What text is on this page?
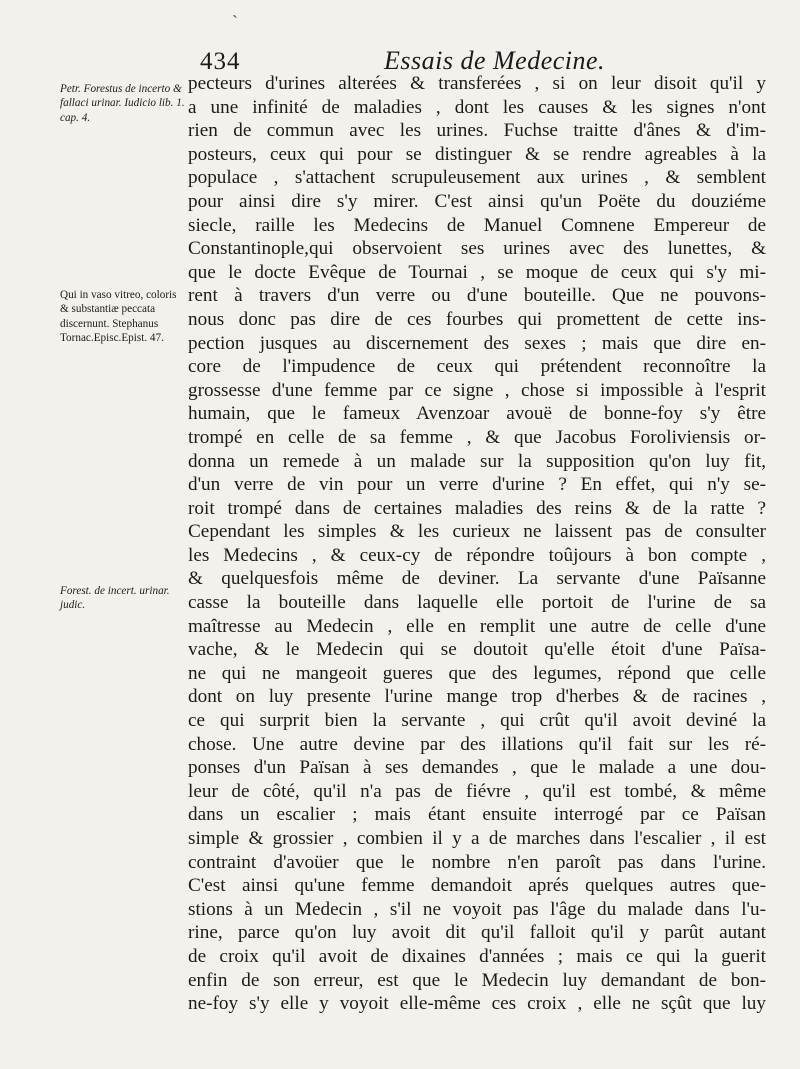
ˋ
434	Essais de Medecine.
Petr. Forestus de incerto & fallaci urinar. Iudicio lib. 1. cap. 4.
Qui in vaso vitreo, coloris & substantiæ peccata discernunt. Stephanus Tornac.Episc.Epist. 47.
Forest. de incert. urinar. judic.
pecteurs d'urines alterées & transferées , si on leur disoit qu'il y
a une infinité de maladies , dont les causes & les signes n'ont
rien de commun avec les urines. Fuchse traitte d'ânes & d'im-
posteurs, ceux qui pour se distinguer & se rendre agreables à la
populace , s'attachent scrupuleusement aux urines , & semblent
pour ainsi dire s'y mirer. C'est ainsi qu'un Poëte du douziéme
siecle, raille les Medecins de Manuel Comnene Empereur de
Constantinople,qui observoient ses urines avec des lunettes, &
que le docte Evêque de Tournai , se moque de ceux qui s'y mi-
rent à travers d'un verre ou d'une bouteille. Que ne pouvons-
nous donc pas dire de ces fourbes qui promettent de cette ins-
pection jusques au discernement des sexes ; mais que dire en-
core de l'impudence de ceux qui prétendent reconnoître la
grossesse d'une femme par ce signe , chose si impossible à l'esprit
humain, que le fameux Avenzoar avouë de bonne-foy s'y être
trompé en celle de sa femme , & que Jacobus Foroliviensis or-
donna un remede à un malade sur la supposition qu'on luy fit,
d'un verre de vin pour un verre d'urine ? En effet, qui n'y se-
roit trompé dans de certaines maladies des reins & de la ratte ?
Cependant les simples & les curieux ne laissent pas de consulter
les Medecins , & ceux-cy de répondre toûjours à bon compte ,
& quelquesfois même de deviner. La servante d'une Païsanne
casse la bouteille dans laquelle elle portoit de l'urine de sa
maîtresse au Medecin , elle en remplit une autre de celle d'une
vache, & le Medecin qui se doutoit qu'elle étoit d'une Païsa-
ne qui ne mangeoit gueres que des legumes, répond que celle
dont on luy presente l'urine mange trop d'herbes & de racines ,
ce qui surprit bien la servante , qui crût qu'il avoit deviné la
chose. Une autre devine par des illations qu'il fait sur les ré-
ponses d'un Païsan à ses demandes , que le malade a une dou-
leur de côté, qu'il n'a pas de fiévre , qu'il est tombé, & même
dans un escalier ; mais étant ensuite interrogé par ce Païsan
simple & grossier , combien il y a de marches dans l'escalier , il est
contraint d'avoüer que le nombre n'en paroît pas dans l'urine.
C'est ainsi qu'une femme demandoit aprés quelques autres que-
stions à un Medecin , s'il ne voyoit pas l'âge du malade dans l'u-
rine, parce qu'on luy avoit dit qu'il falloit qu'il y parût autant
de croix qu'il avoit de dixaines d'années ; mais ce qui la guerit
enfin de son erreur, est que le Medecin luy demandant de bon-
ne-foy s'y elle y voyoit elle-même ces croix , elle ne sçût que luy
